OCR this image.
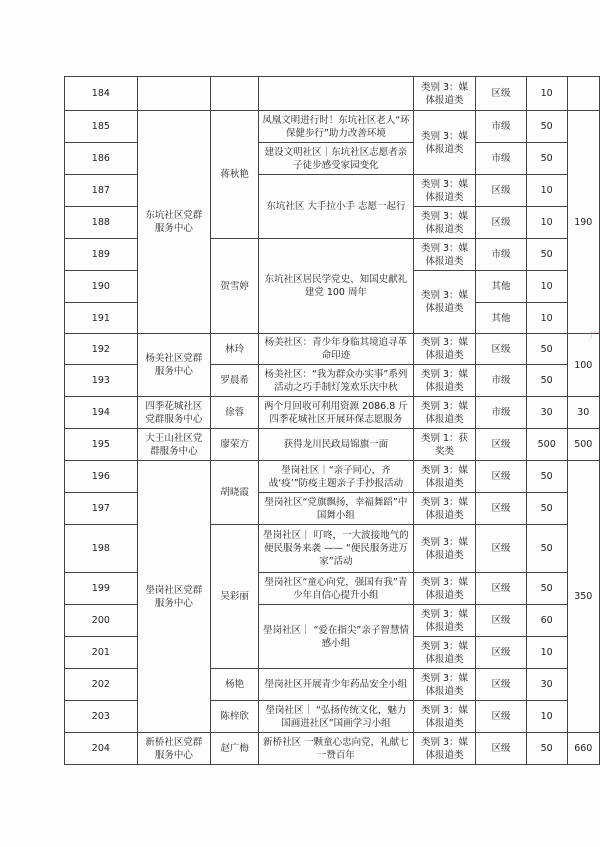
184				类别 3：媒体报道类	区级	10	
185	东坑社区党群服务中心	蒋秋艳	凤凰文明进行时！东坑社区老人“环保健步行”助力改善环境	类别 3：媒体报道类	市级	50	190
186			建设文明社区｜东坑社区志愿者亲子徒步感受家园变化		市级	50	
187			东坑社区 大手拉小手 志愿一起行	类别 3：媒体报道类	区级	10	
188				类别 3：媒体报道类	区级	10	
189		贺雪婷	东坑社区居民学党史、知国史献礼建党 100 周年	类别 3：媒体报道类	市级	50	
190				类别 3：媒体报道类	其他	10	
191					其他	10	
192	杨美社区党群服务中心	林玲	杨美社区：青少年身临其境追寻革命印迹	类别 3：媒体报道类	区级	50	100
193		罗晨希	杨美社区：“我为群众办实事”系列活动之巧手制灯笼欢乐庆中秋	类别 3：媒体报道类	市级	50	
194	四季花城社区党群服务中心	徐蓉	两个月回收可利用资源 2086.8 斤 四季花城社区开展环保志愿服务	类别 3：媒体报道类	市级	30	30
195	大王山社区党群服务中心	廖荣方	获得龙川民政局锦旗一面	类别 1：获奖类	区级	500	500
196	壆岗社区党群服务中心	胡晓霞	壆岗社区｜“亲子同心，齐战‘疫’”防疫主题亲子手抄报活动	类别 3：媒体报道类	区级	50	350
197			壆岗社区“党旗飘扬，幸福舞蹈”中国舞小组	类别 3：媒体报道类	区级	50	
198		吴彩丽	壆岗社区｜ 叮咚，一大波接地气的便民服务来袭 —— “便民服务进万家”活动	类别 3：媒体报道类	区级	50	
199			壆岗社区“童心向党，强国有我”青少年自信心提升小组	类别 3：媒体报道类	区级	50	
200			壆岗社区｜ “爱在指尖”亲子智慧情感小组	类别 3：媒体报道类	区级	60	
201				类别 3：媒体报道类	区级	10	
202		杨艳	壆岗社区开展青少年药品安全小组	类别 3：媒体报道类	区级	30	
203		陈梓欣	壆岗社区｜ “弘扬传统文化，魅力国画进社区”国画学习小组	类别 3：媒体报道类	区级	10	
204	新桥社区党群服务中心	赵广梅	新桥社区 一颗童心忠向党，礼献七一赞百年	类别 3：媒体报道类	区级	50	660
广
